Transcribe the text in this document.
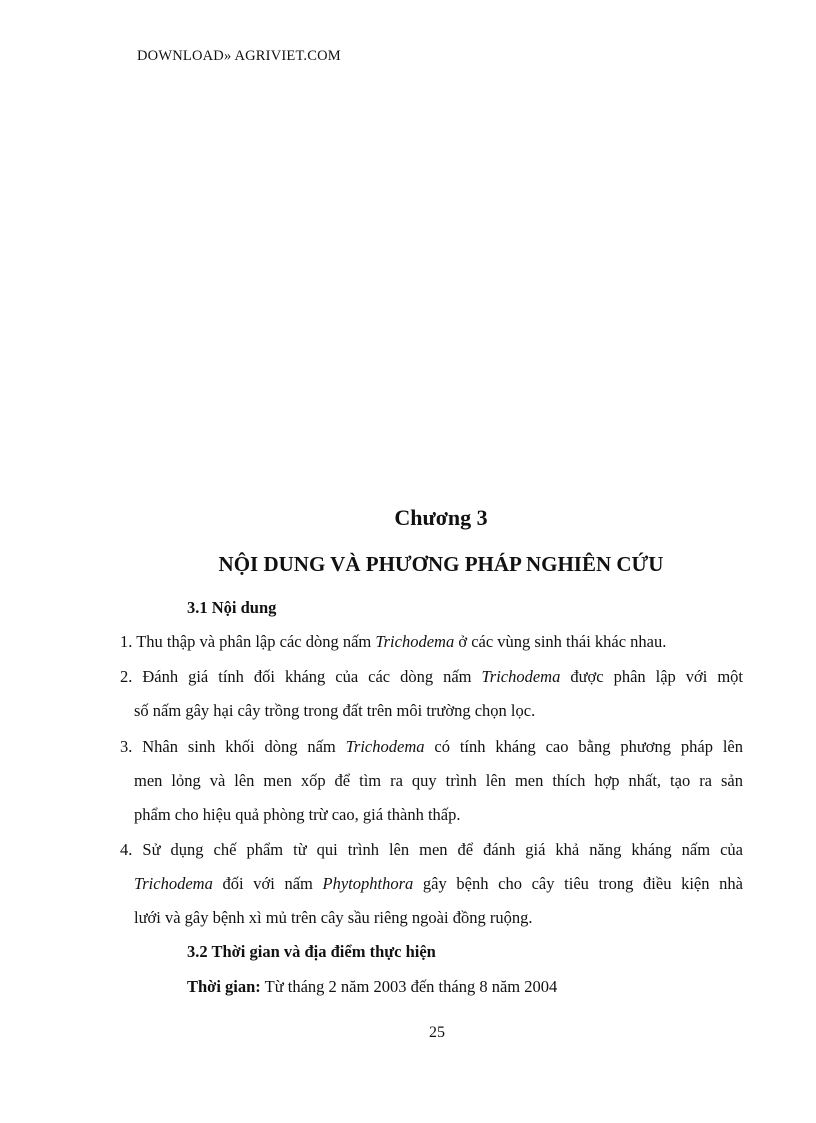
DOWNLOAD» AGRIVIET.COM
Chương 3
NỘI DUNG VÀ PHƯƠNG PHÁP NGHIÊN CỨU
3.1 Nội dung
1. Thu thập và phân lập các dòng nấm Trichodema ở các vùng sinh thái khác nhau.
2. Đánh giá tính đối kháng của các dòng nấm Trichodema được phân lập với một
số nấm gây hại cây trồng trong đất trên môi trường chọn lọc.
3. Nhân sinh khối dòng nấm Trichodema có tính kháng cao bằng phương pháp lên
men lỏng và lên men xốp để tìm ra quy trình lên men thích hợp nhất, tạo ra sản
phẩm cho hiệu quả phòng trừ cao, giá thành thấp.
4. Sử dụng chế phẩm từ qui trình lên men để đánh giá khả năng kháng nấm của
Trichodema đối với nấm Phytophthora gây bệnh cho cây tiêu trong điều kiện nhà
lưới và gây bệnh xì mủ trên cây sầu riêng ngoài đồng ruộng.
3.2 Thời gian và địa điểm thực hiện
Thời gian: Từ tháng 2 năm 2003 đến tháng 8 năm 2004
25
